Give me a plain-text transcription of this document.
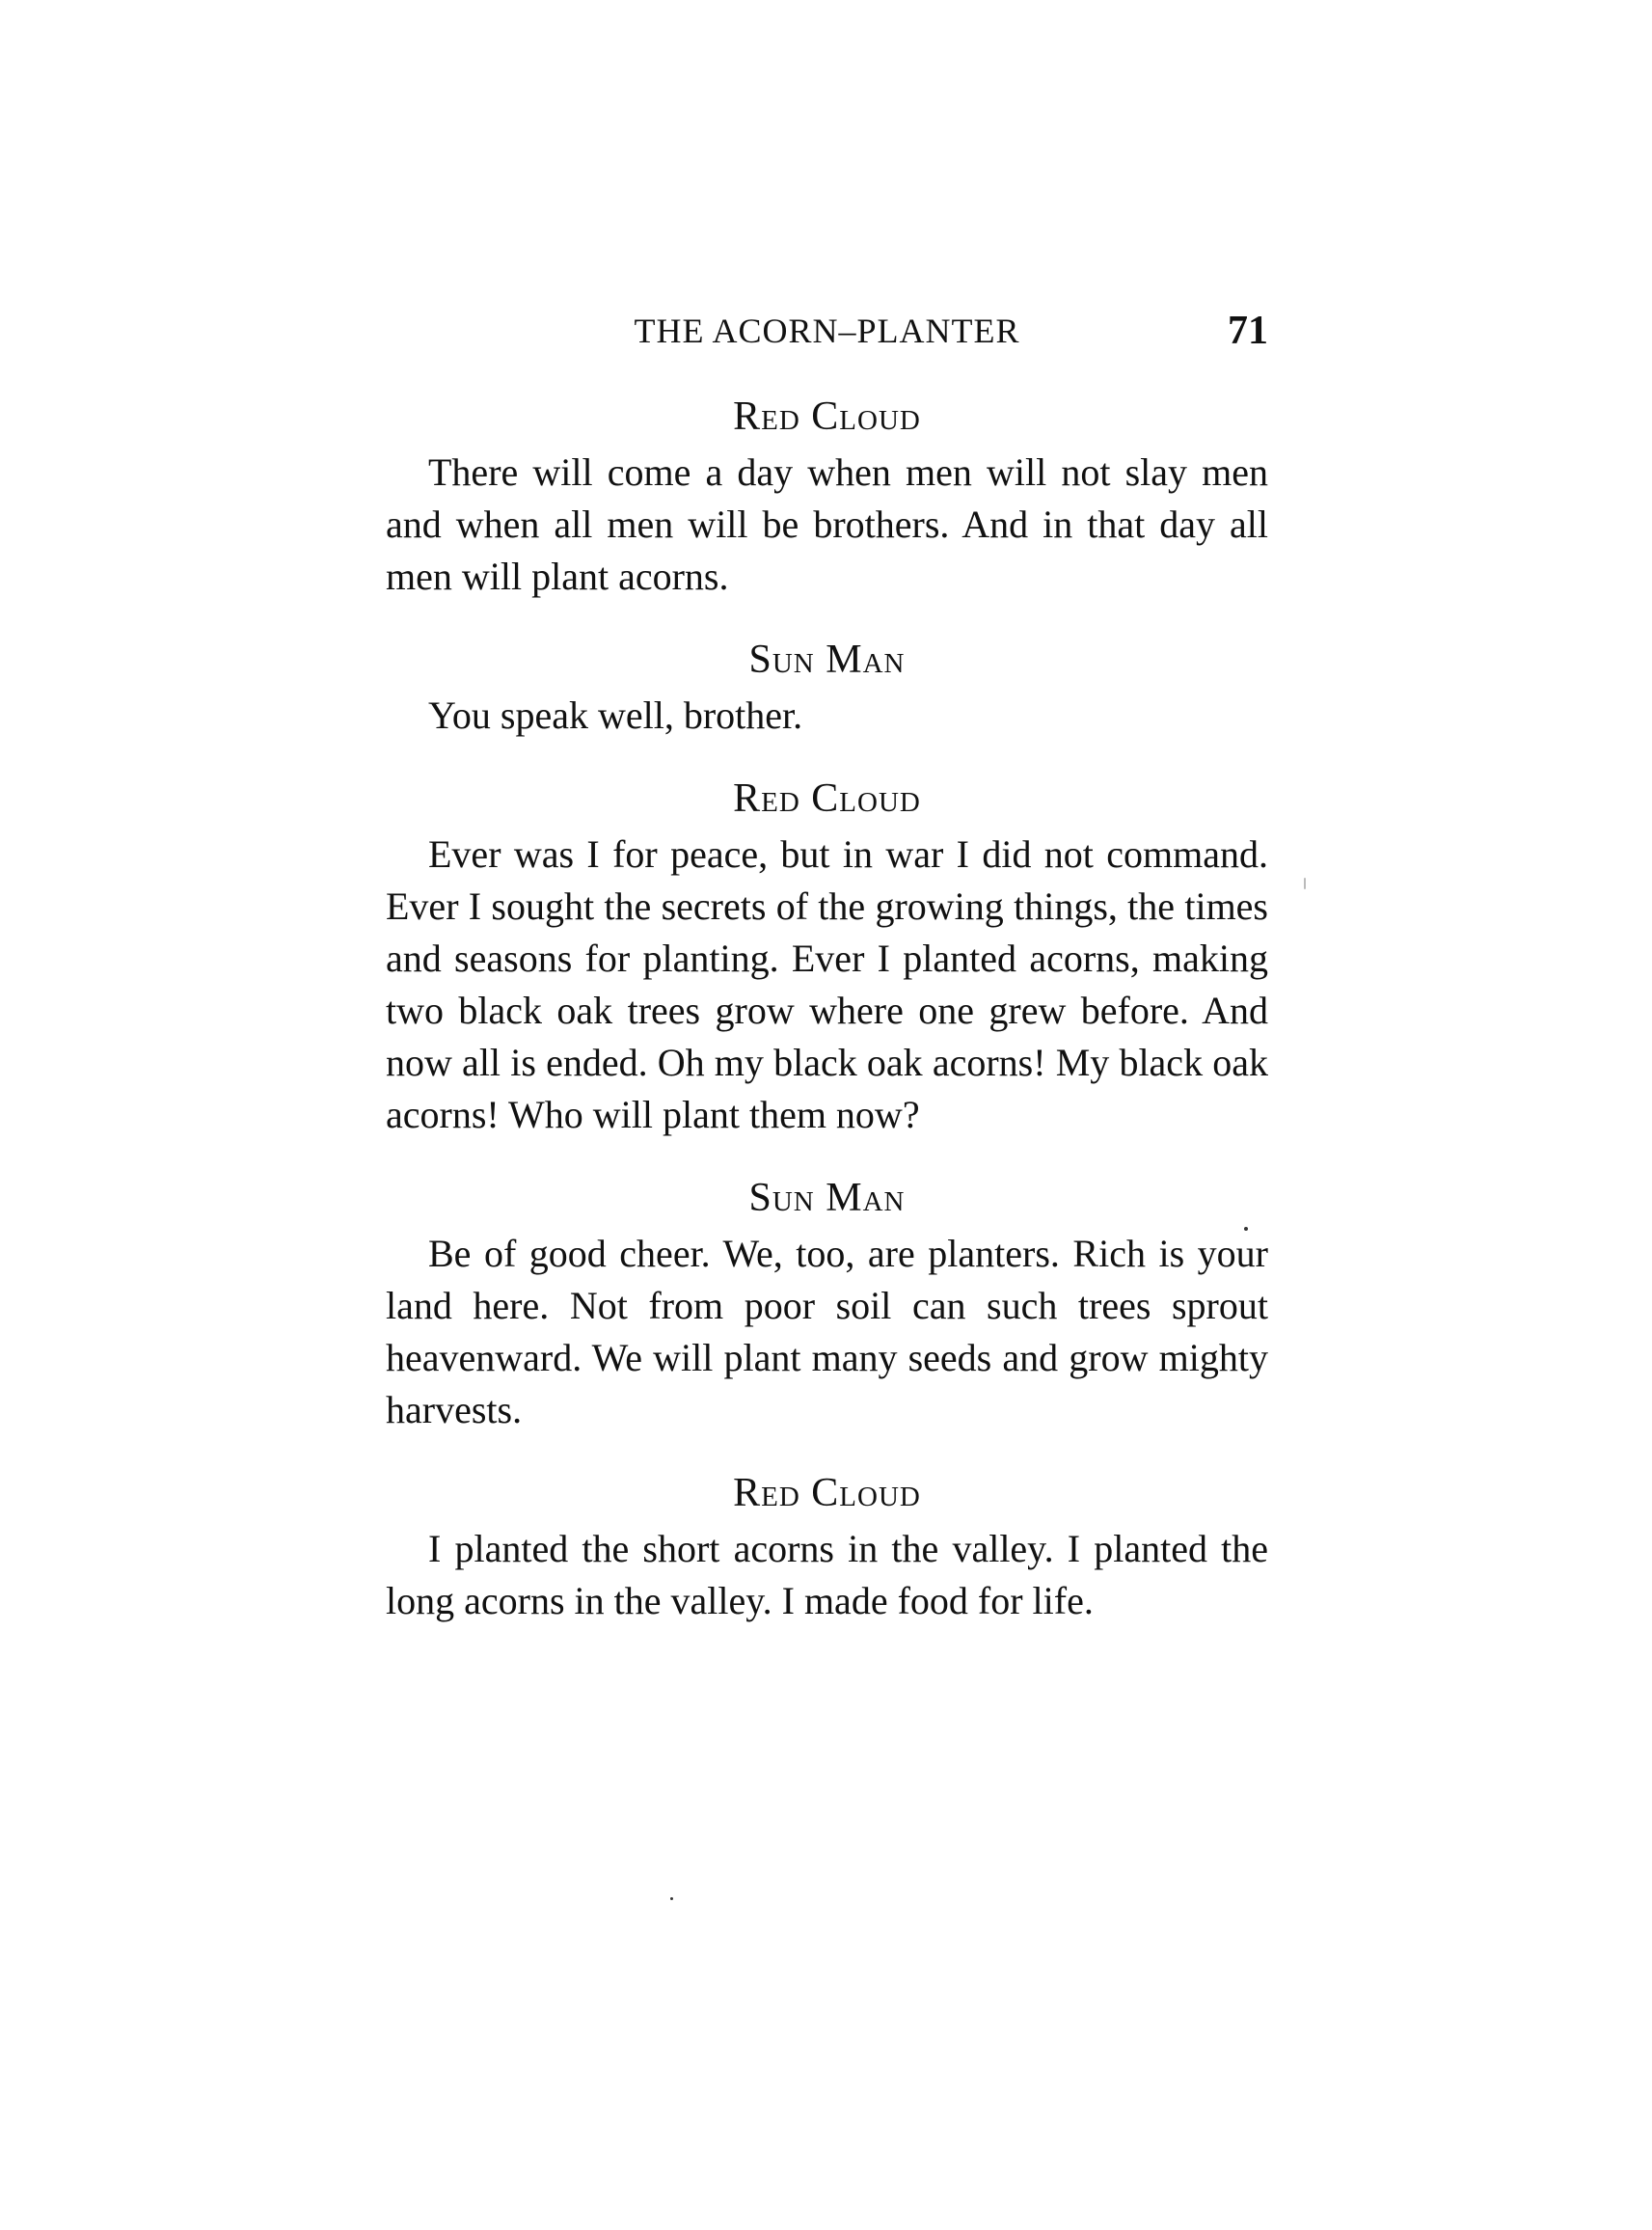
THE ACORN–PLANTER	71
Red Cloud

There will come a day when men will not slay men and when all men will be brothers. And in that day all men will plant acorns.

Sun Man

You speak well, brother.

Red Cloud

Ever was I for peace, but in war I did not command. Ever I sought the secrets of the growing things, the times and seasons for planting. Ever I planted acorns, making two black oak trees grow where one grew before. And now all is ended. Oh my black oak acorns! My black oak acorns! Who will plant them now?

Sun Man

Be of good cheer. We, too, are planters. Rich is your land here. Not from poor soil can such trees sprout heavenward. We will plant many seeds and grow mighty harvests.

Red Cloud

I planted the short acorns in the valley. I planted the long acorns in the valley. I made food for life.
